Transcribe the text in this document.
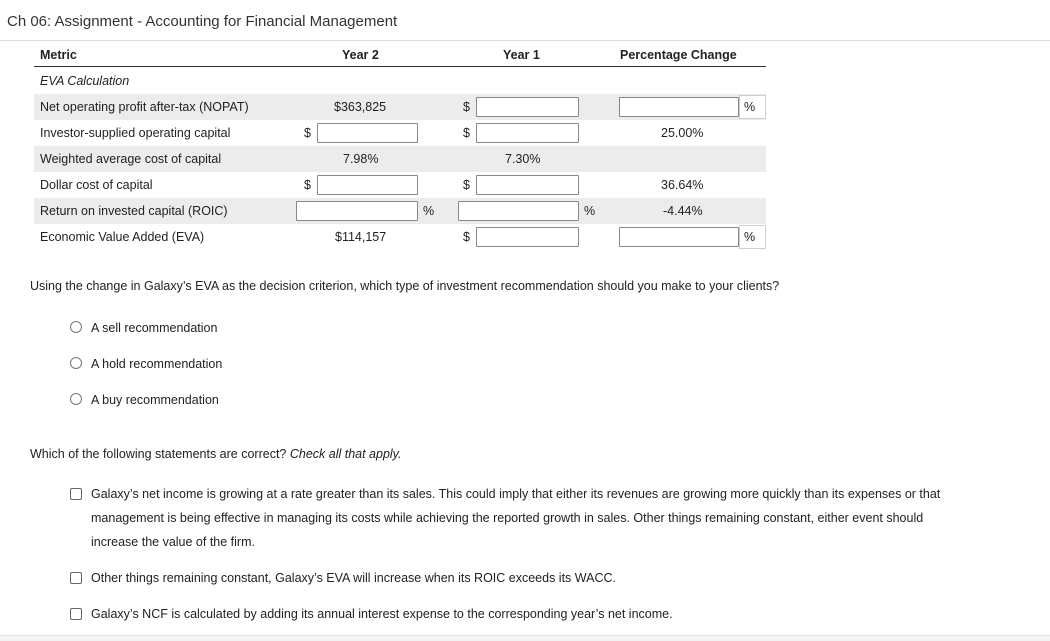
Ch 06: Assignment - Accounting for Financial Management
Metric	Year 2	Year 1	Percentage Change
EVA Calculation
Net operating profit after-tax (NOPAT)	$363,825	$	%
Investor-supplied operating capital	$	$	25.00%
Weighted average cost of capital	7.98%	7.30%
Dollar cost of capital	$	$	36.64%
Return on invested capital (ROIC)	%	%	-4.44%
Economic Value Added (EVA)	$114,157	$	%
Using the change in Galaxy’s EVA as the decision criterion, which type of investment recommendation should you make to your clients?
A sell recommendation
A hold recommendation
A buy recommendation
Which of the following statements are correct? Check all that apply.
Galaxy’s net income is growing at a rate greater than its sales. This could imply that either its revenues are growing more quickly than its expenses or that management is being effective in managing its costs while achieving the reported growth in sales. Other things remaining constant, either event should increase the value of the firm.
Other things remaining constant, Galaxy’s EVA will increase when its ROIC exceeds its WACC.
Galaxy’s NCF is calculated by adding its annual interest expense to the corresponding year’s net income.
